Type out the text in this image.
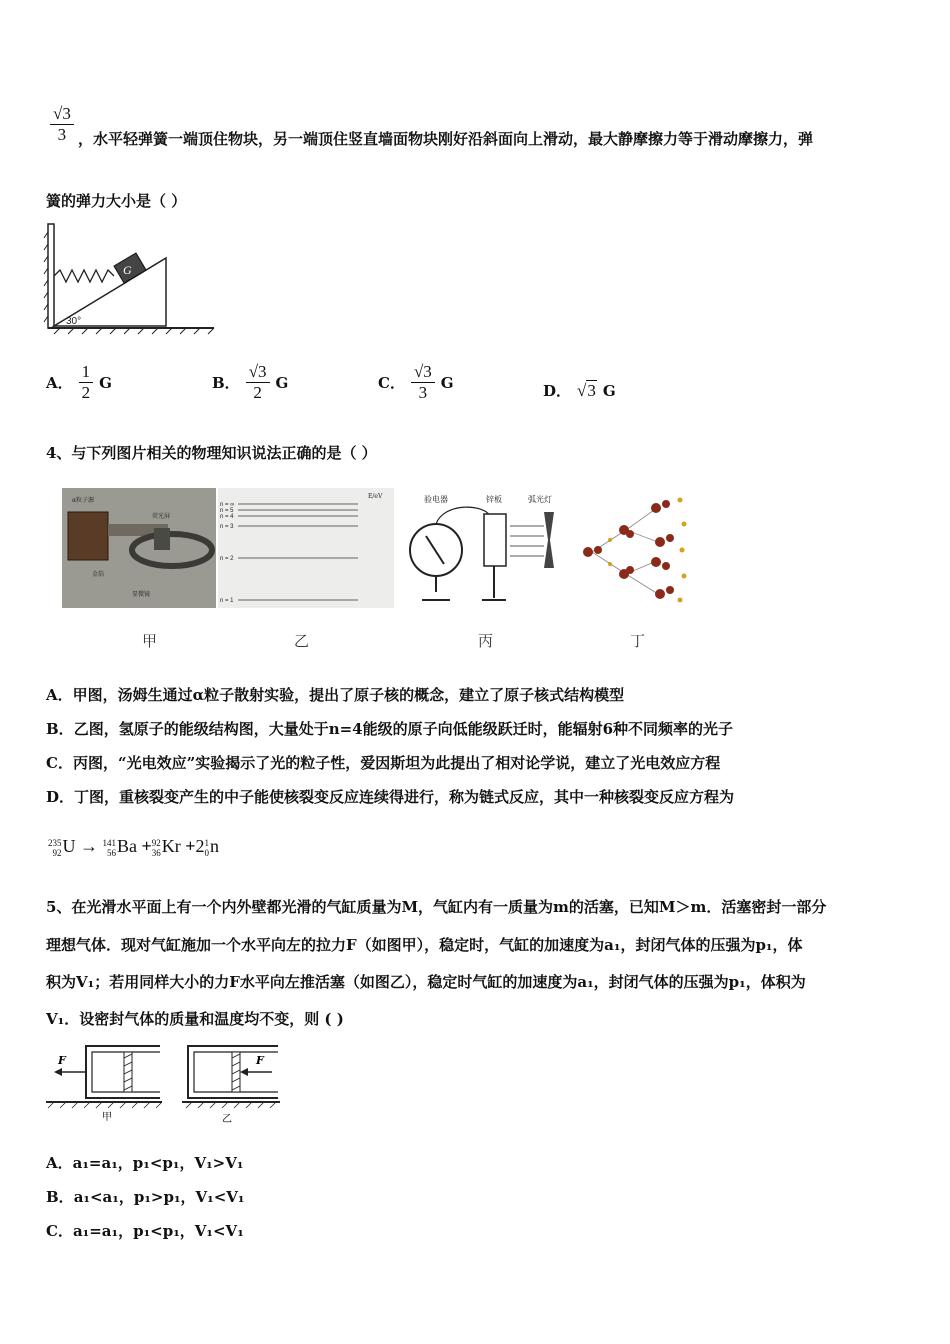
$\frac{√3}{3}$ ，水平轻弹簧一端顶住物块，另一端顶住竖直墙面物块刚好沿斜面向上滑动，最大静摩擦力等于滑动摩擦力，弹
簧的弹力大小是（ ）
G
30°
A． $\frac{1}{2}$ G	B． $\frac{√3}{2}$ G	C． $\frac{√3}{3}$ G	D． √3 G
4、与下列图片相关的物理知识说法正确的是（ ）
α粒子源
荧光屏
金箔
显微镜
E/eV
n = ∞
n = 5
n = 4
n = 3
n = 2
n = 1
验电器	锌板	弧光灯
甲	乙	丙	丁
A．甲图，汤姆生通过α粒子散射实验，提出了原子核的概念，建立了原子核式结构模型
B．乙图，氢原子的能级结构图，大量处于n=4能级的原子向低能级跃迁时，能辐射6种不同频率的光子
C．丙图，“光电效应”实验揭示了光的粒子性，爱因斯坦为此提出了相对论学说，建立了光电效应方程
D．丁图，重核裂变产生的中子能使核裂变反应连续得进行，称为链式反应，其中一种核裂变反应方程为
235
92 U → 141
56 Ba + 92
36 Kr +2 1
0 n
5、在光滑水平面上有一个内外壁都光滑的气缸质量为M，气缸内有一质量为m的活塞，已知M＞m．活塞密封一部分
理想气体．现对气缸施加一个水平向左的拉力F（如图甲），稳定时，气缸的加速度为a₁，封闭气体的压强为p₁，体
积为V₁；若用同样大小的力F水平向左推活塞（如图乙），稳定时气缸的加速度为a₁，封闭气体的压强为p₁，体积为
V₁．设密封气体的质量和温度均不变，则 ( )
F
甲
F
乙
A．a₁=a₁，p₁<p₁，V₁>V₁
B．a₁<a₁，p₁>p₁，V₁<V₁
C．a₁=a₁，p₁<p₁，V₁<V₁
